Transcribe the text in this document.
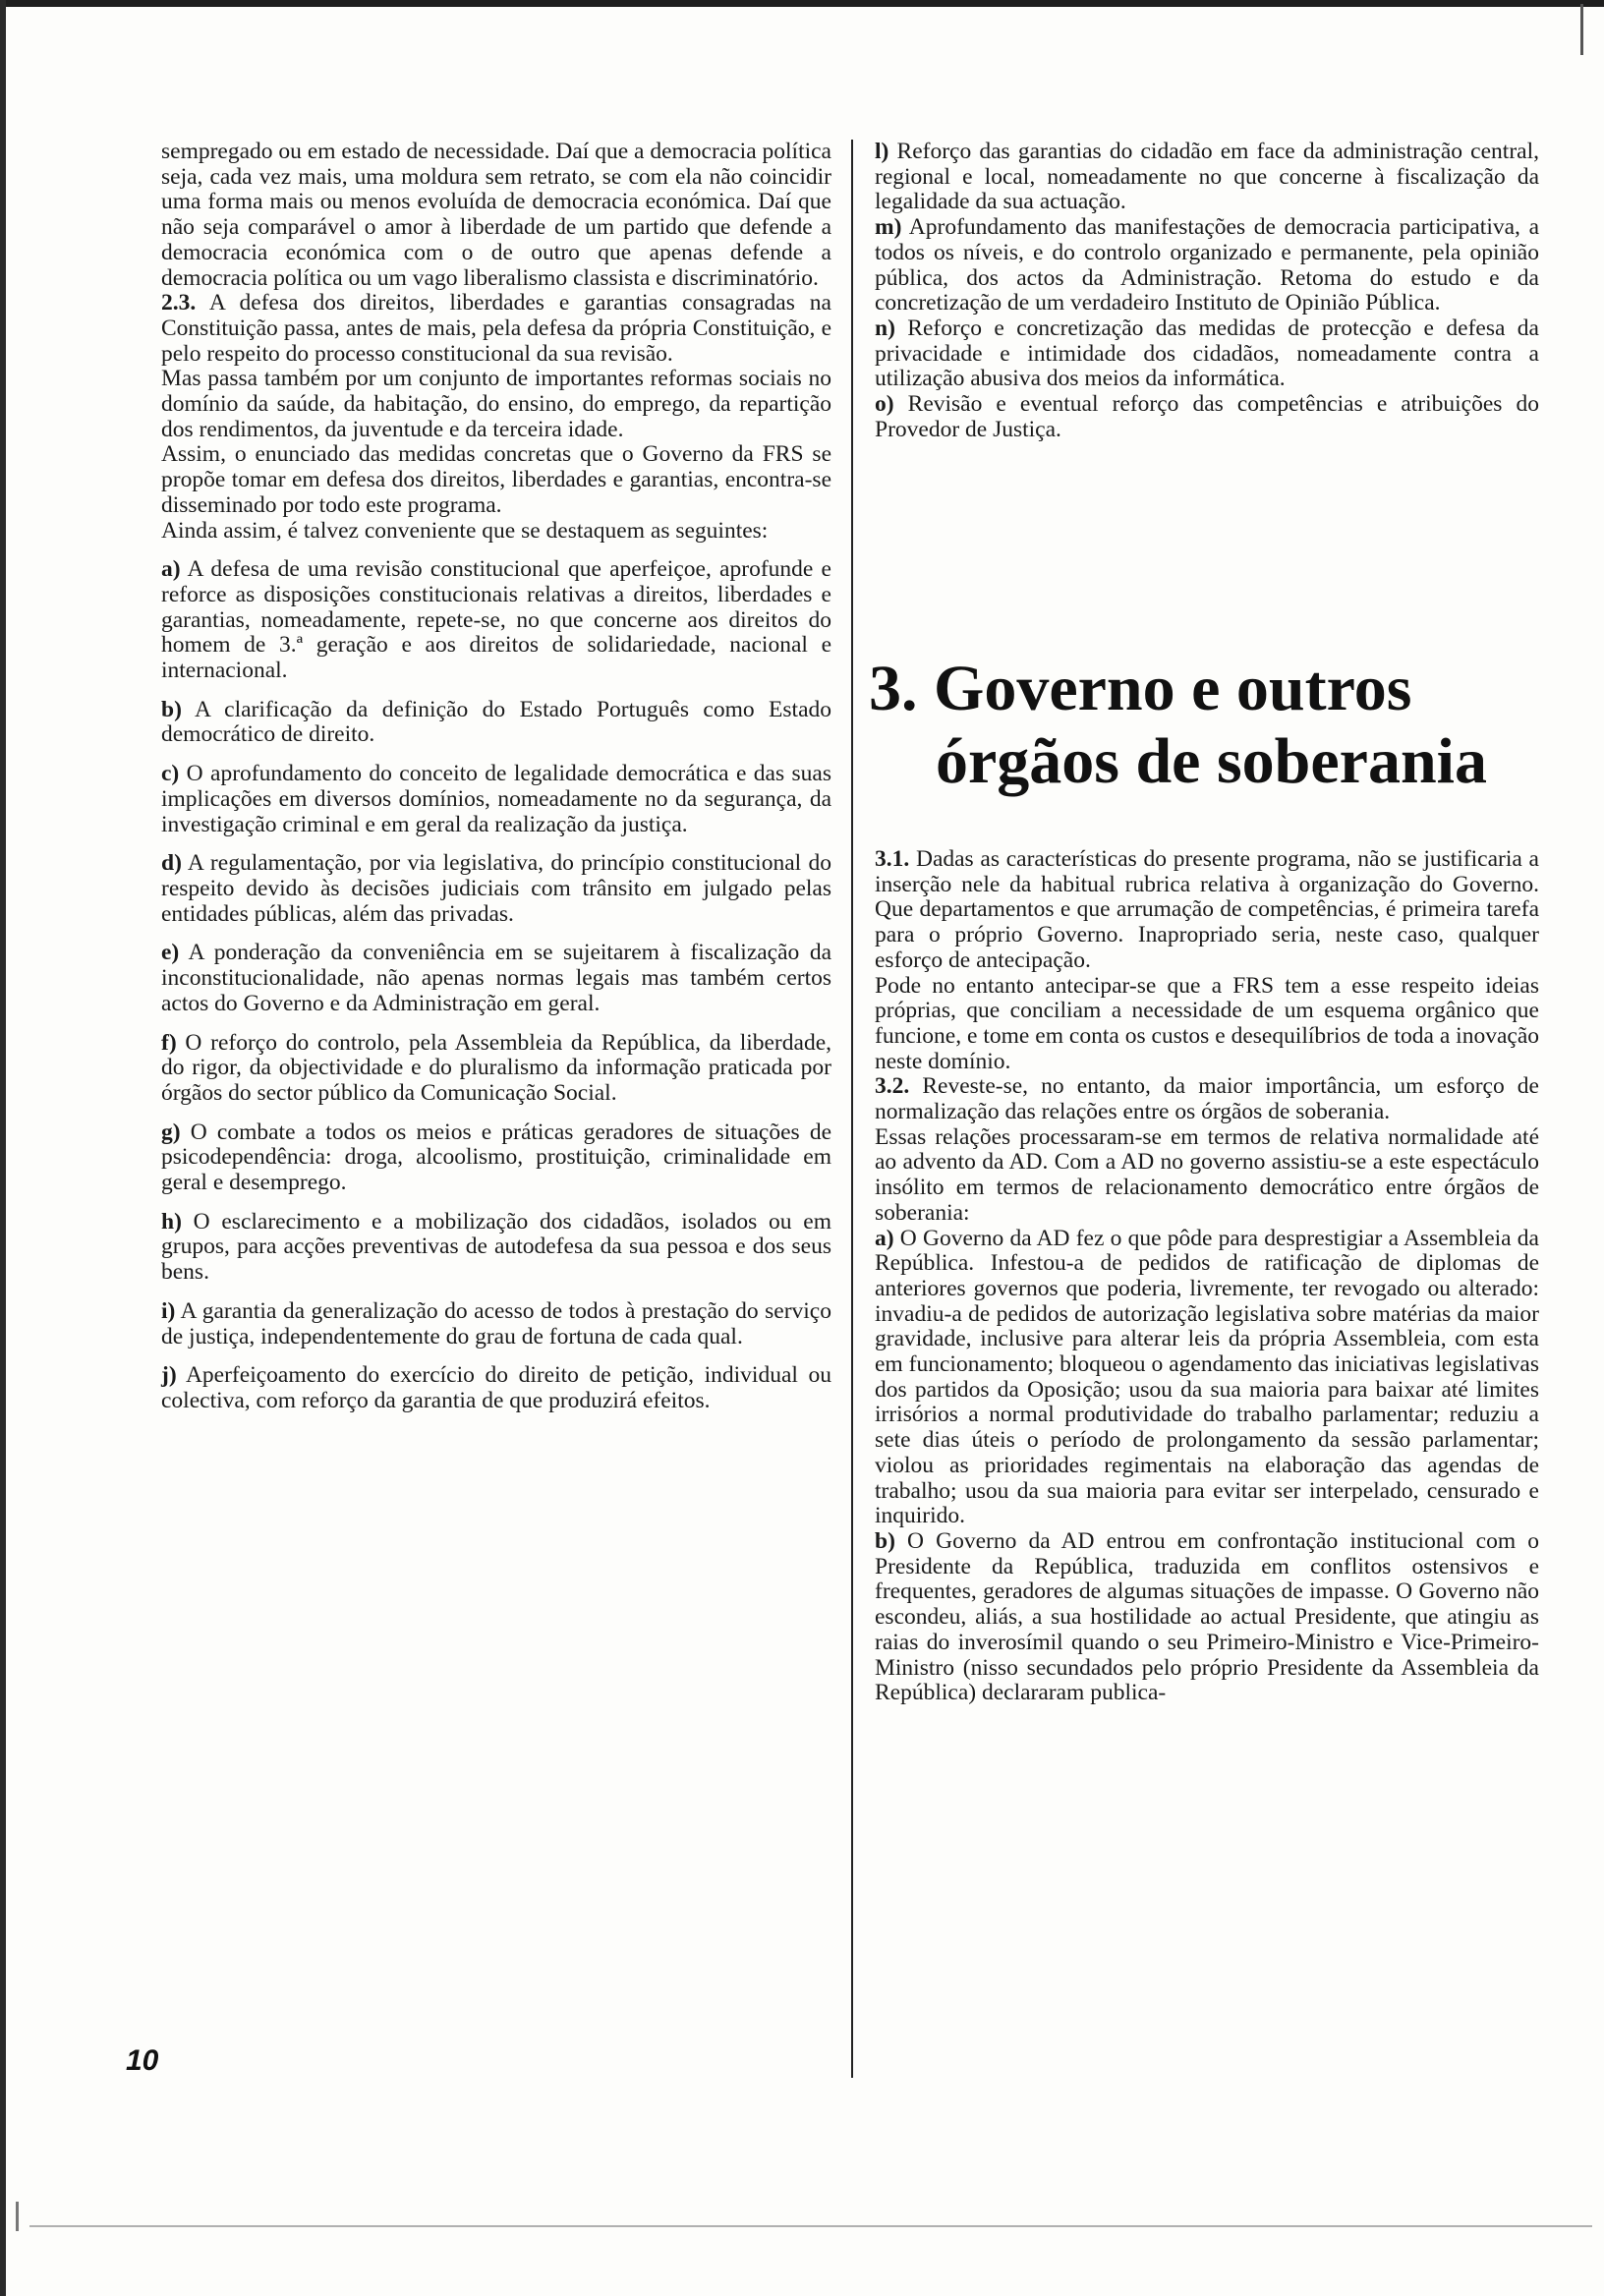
sempregado ou em estado de necessidade. Daí que a democracia política seja, cada vez mais, uma moldura sem retrato, se com ela não coincidir uma forma mais ou menos evoluída de democracia económica. Daí que não seja comparável o amor à liberdade de um partido que defende a democracia económica com o de outro que apenas defende a democracia política ou um vago liberalismo classista e discriminatório.

2.3. A defesa dos direitos, liberdades e garantias consagradas na Constituição passa, antes de mais, pela defesa da própria Constituição, e pelo respeito do processo constitucional da sua revisão.

Mas passa também por um conjunto de importantes reformas sociais no domínio da saúde, da habitação, do ensino, do emprego, da repartição dos rendimentos, da juventude e da terceira idade.

Assim, o enunciado das medidas concretas que o Governo da FRS se propõe tomar em defesa dos direitos, liberdades e garantias, encontra-se disseminado por todo este programa.

Ainda assim, é talvez conveniente que se destaquem as seguintes:

a) A defesa de uma revisão constitucional que aperfeiçoe, aprofunde e reforce as disposições constitucionais relativas a direitos, liberdades e garantias, nomeadamente, repete-se, no que concerne aos direitos do homem de 3.ª geração e aos direitos de solidariedade, nacional e internacional.

b) A clarificação da definição do Estado Português como Estado democrático de direito.

c) O aprofundamento do conceito de legalidade democrática e das suas implicações em diversos domínios, nomeadamente no da segurança, da investigação criminal e em geral da realização da justiça.

d) A regulamentação, por via legislativa, do princípio constitucional do respeito devido às decisões judiciais com trânsito em julgado pelas entidades públicas, além das privadas.

e) A ponderação da conveniência em se sujeitarem à fiscalização da inconstitucionalidade, não apenas normas legais mas também certos actos do Governo e da Administração em geral.

f) O reforço do controlo, pela Assembleia da República, da liberdade, do rigor, da objectividade e do pluralismo da informação praticada por órgãos do sector público da Comunicação Social.

g) O combate a todos os meios e práticas geradores de situações de psicodependência: droga, alcoolismo, prostituição, criminalidade em geral e desemprego.

h) O esclarecimento e a mobilização dos cidadãos, isolados ou em grupos, para acções preventivas de autodefesa da sua pessoa e dos seus bens.

i) A garantia da generalização do acesso de todos à prestação do serviço de justiça, independentemente do grau de fortuna de cada qual.

j) Aperfeiçoamento do exercício do direito de petição, individual ou colectiva, com reforço da garantia de que produzirá efeitos.

l) Reforço das garantias do cidadão em face da administração central, regional e local, nomeadamente no que concerne à fiscalização da legalidade da sua actuação.

m) Aprofundamento das manifestações de democracia participativa, a todos os níveis, e do controlo organizado e permanente, pela opinião pública, dos actos da Administração. Retoma do estudo e da concretização de um verdadeiro Instituto de Opinião Pública.

n) Reforço e concretização das medidas de protecção e defesa da privacidade e intimidade dos cidadãos, nomeadamente contra a utilização abusiva dos meios da informática.

o) Revisão e eventual reforço das competências e atribuições do Provedor de Justiça.

3. Governo e outros
órgãos de soberania

3.1. Dadas as características do presente programa, não se justificaria a inserção nele da habitual rubrica relativa à organização do Governo. Que departamentos e que arrumação de competências, é primeira tarefa para o próprio Governo. Inapropriado seria, neste caso, qualquer esforço de antecipação.

Pode no entanto antecipar-se que a FRS tem a esse respeito ideias próprias, que conciliam a necessidade de um esquema orgânico que funcione, e tome em conta os custos e desequilíbrios de toda a inovação neste domínio.

3.2. Reveste-se, no entanto, da maior importância, um esforço de normalização das relações entre os órgãos de soberania.

Essas relações processaram-se em termos de relativa normalidade até ao advento da AD. Com a AD no governo assistiu-se a este espectáculo insólito em termos de relacionamento democrático entre órgãos de soberania:

a) O Governo da AD fez o que pôde para desprestigiar a Assembleia da República. Infestou-a de pedidos de ratificação de diplomas de anteriores governos que poderia, livremente, ter revogado ou alterado: invadiu-a de pedidos de autorização legislativa sobre matérias da maior gravidade, inclusive para alterar leis da própria Assembleia, com esta em funcionamento; bloqueou o agendamento das iniciativas legislativas dos partidos da Oposição; usou da sua maioria para baixar até limites irrisórios a normal produtividade do trabalho parlamentar; reduziu a sete dias úteis o período de prolongamento da sessão parlamentar; violou as prioridades regimentais na elaboração das agendas de trabalho; usou da sua maioria para evitar ser interpelado, censurado e inquirido.

b) O Governo da AD entrou em confrontação institucional com o Presidente da República, traduzida em conflitos ostensivos e frequentes, geradores de algumas situações de impasse. O Governo não escondeu, aliás, a sua hostilidade ao actual Presidente, que atingiu as raias do inverosímil quando o seu Primeiro-Ministro e Vice-Primeiro-Ministro (nisso secundados pelo próprio Presidente da Assembleia da República) declararam publica-

10
